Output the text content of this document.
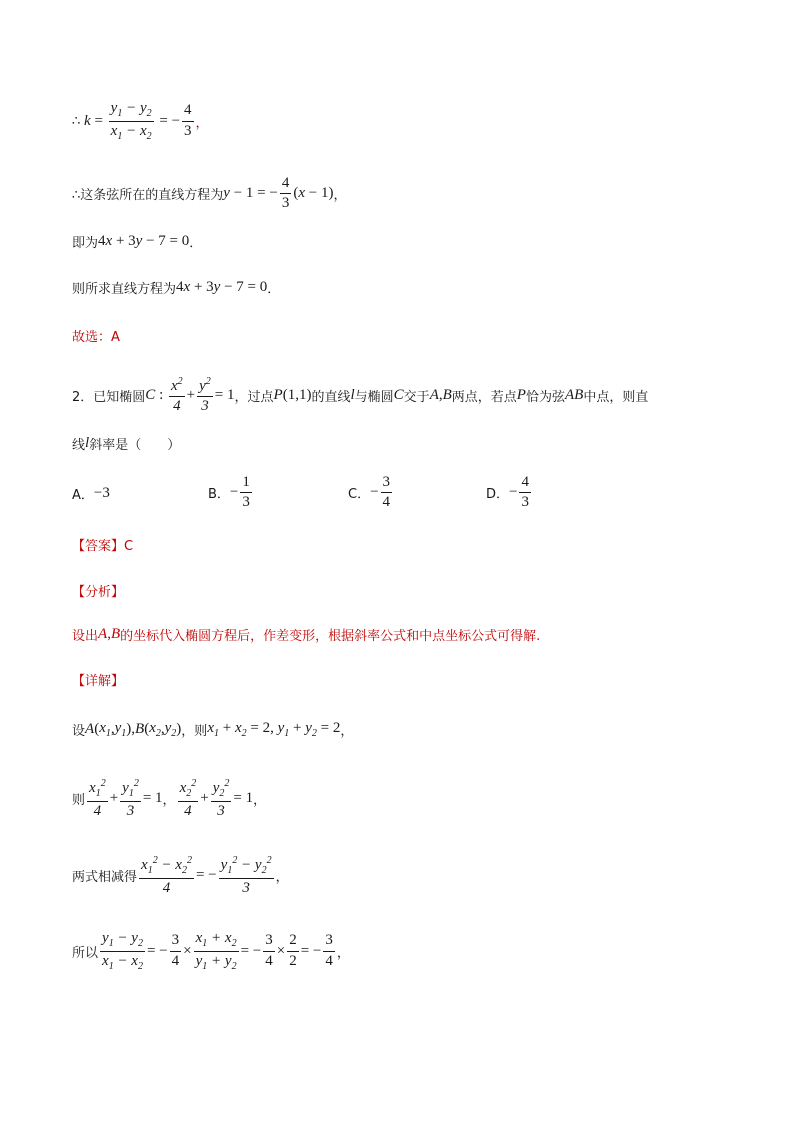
∴ $k = \frac{y_1 - y_2}{x_1 - x_2}$ = − $\frac{4}{3}$ ，
∴这条弦所在的直线方程为 y − 1 = − $\frac{4}{3} (x - 1)$ ，
即为 4x + 3y − 7 = 0 ．
则所求直线方程为 4x + 3y − 7 = 0 ．
故选：A
2． 已知椭圆 C : $\frac{x^2}{4} + \frac{y^2}{3} = 1$ ，过点 P(1,1) 的直线 l 与椭圆 C 交于 A , B 两点，若点 P 恰为弦 AB 中点，则直
线 l 斜率是（　　）
A． −3	B． − $\frac{1}{3}$	C． − $\frac{3}{4}$	D． − $\frac{4}{3}$
【答案】C
【分析】
设出 A , B 的坐标代入椭圆方程后，作差变形，根据斜率公式和中点坐标公式可得解.
【详解】
设 A ( $x_1$ , $y_1$ ), B ( $x_2$ , $y_2$ ) ，则 $x_1 + x_2 = 2$, $y_1 + y_2 = 2$ ，
则 $\frac{x_1^2}{4} + \frac{y_1^2}{3} = 1$ ， $\frac{x_2^2}{4} + \frac{y_2^2}{3} = 1$ ，
两式相减得 $\frac{x_1^2 - x_2^2}{4}$ = − $\frac{y_1^2 - y_2^2}{3}$ ，
所以 $\frac{y_1 - y_2}{x_1 - x_2}$ = − $\frac{3}{4} \times \frac{x_1 + x_2}{y_1 + y_2}$ = − $\frac{3}{4} \times \frac{2}{2}$ = − $\frac{3}{4}$ ，
